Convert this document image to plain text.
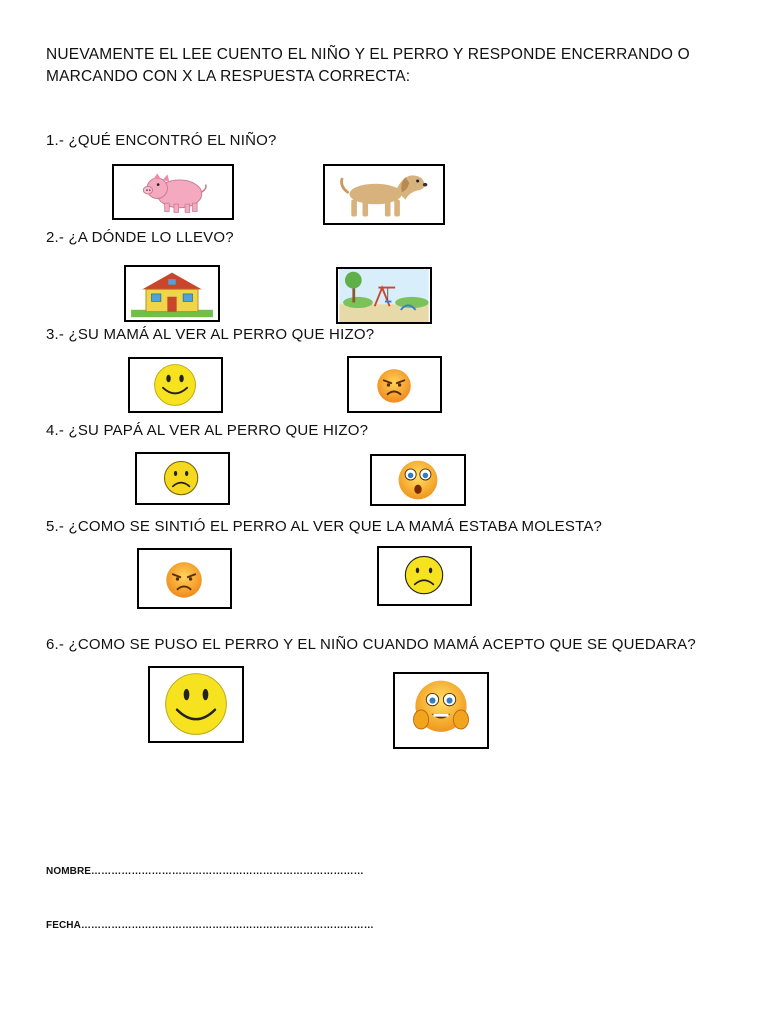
NUEVAMENTE EL LEE CUENTO EL NIÑO Y EL PERRO Y RESPONDE ENCERRANDO O MARCANDO CON X LA RESPUESTA CORRECTA:
1.- ¿QUÉ ENCONTRÓ EL NIÑO?
2.- ¿A DÓNDE LO LLEVO?
3.- ¿SU MAMÁ AL VER AL PERRO QUE HIZO?
4.- ¿SU PAPÁ AL VER AL PERRO QUE HIZO?
5.- ¿COMO SE SINTIÓ EL PERRO AL VER QUE LA MAMÁ ESTABA MOLESTA?
6.- ¿COMO SE PUSO EL PERRO Y EL NIÑO CUANDO MAMÁ ACEPTO QUE SE QUEDARA?
NOMBRE………………………………………………………………………
FECHA……………………………………………………………………………
